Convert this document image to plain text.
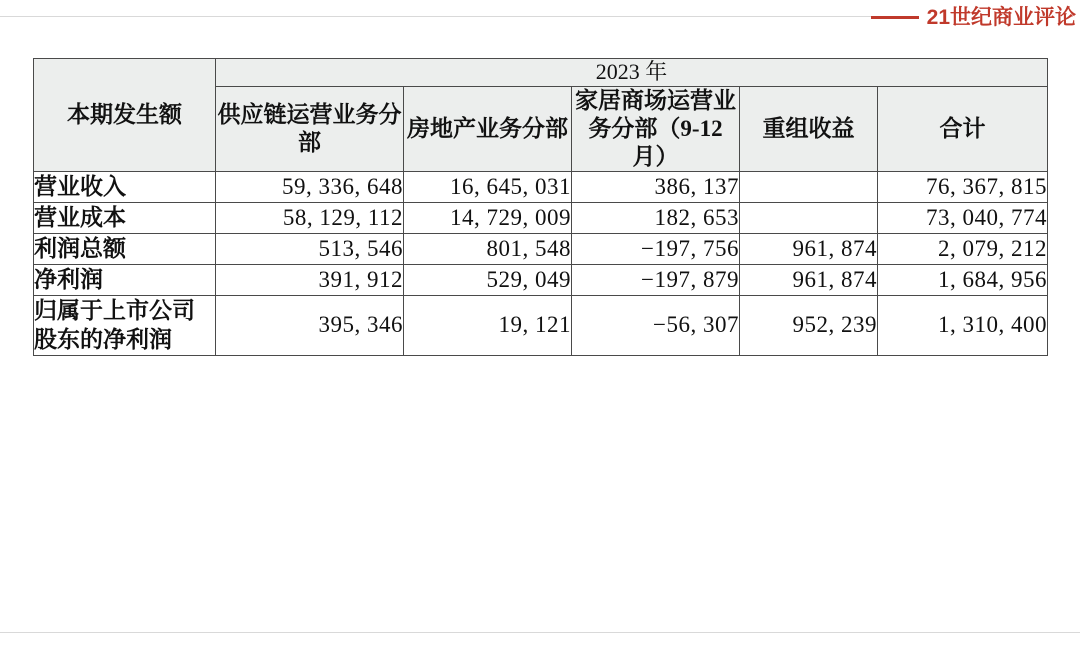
21世纪商业评论
本期发生额	2023 年				
	供应链运营业务分部	房地产业务分部	家居商场运营业务分部（9-12 月）	重组收益	合计
营业收入	59, 336, 648	16, 645, 031	386, 137		76, 367, 815
营业成本	58, 129, 112	14, 729, 009	182, 653		73, 040, 774
利润总额	513, 546	801, 548	−197, 756	961, 874	2, 079, 212
净利润	391, 912	529, 049	−197, 879	961, 874	1, 684, 956
归属于上市公司股东的净利润	395, 346	19, 121	−56, 307	952, 239	1, 310, 400
